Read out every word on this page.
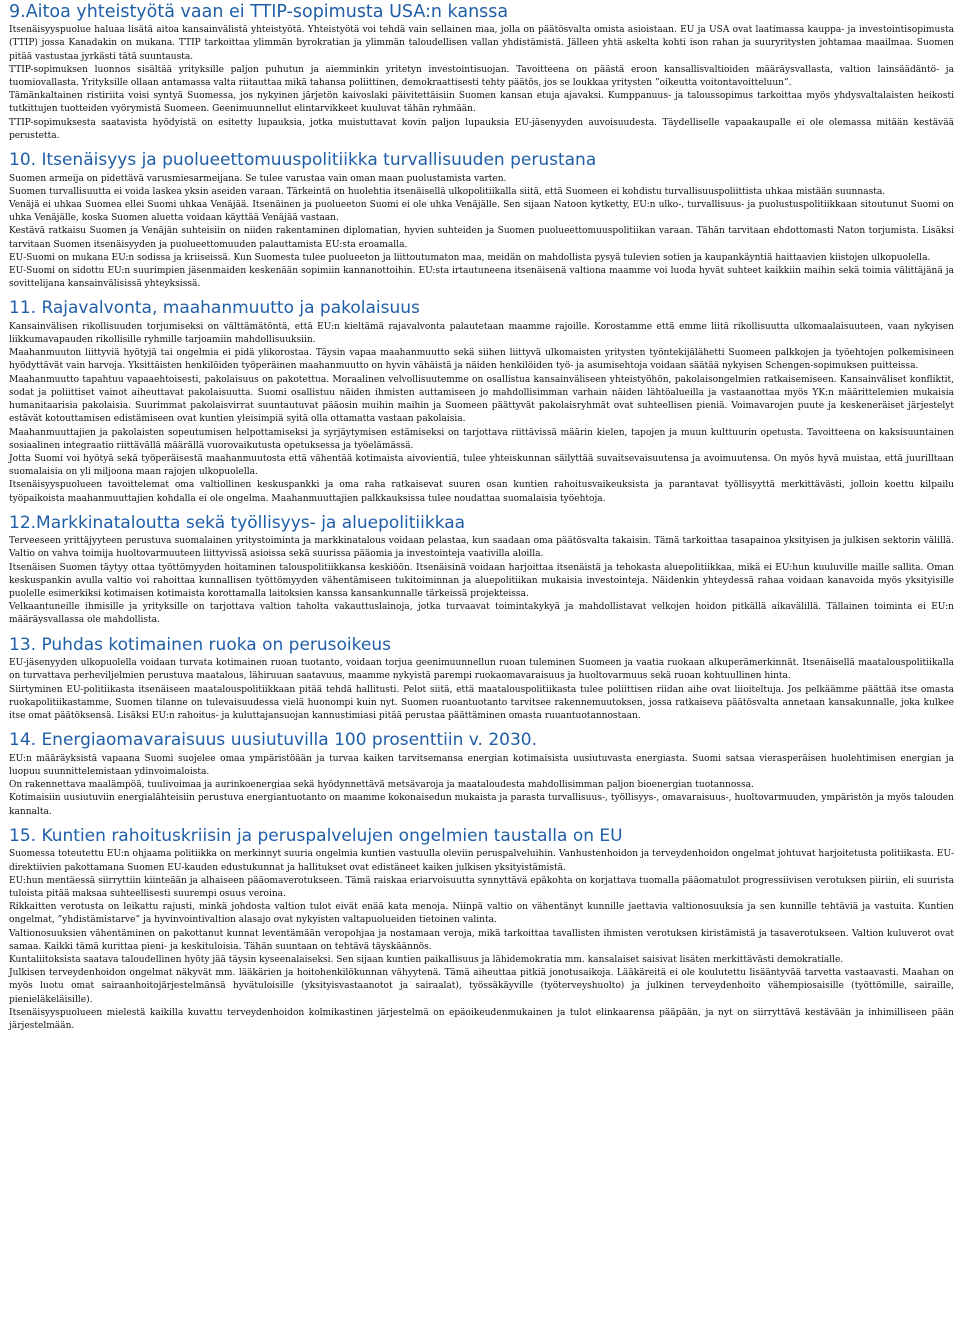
9.Aitoa yhteistyötä vaan ei TTIP-sopimusta USA:n kanssa
Itsenäisyyspuolue haluaa lisätä aitoa kansainvälistä yhteistyötä. Yhteistyötä voi tehdä vain sellainen maa, jolla on päätösvalta omista asioistaan. EU ja USA ovat laatimassa kauppa- ja investointisopimusta (TTIP) jossa Kanadakin on mukana. TTIP tarkoittaa ylimmän byrokratian ja ylimmän taloudellisen vallan yhdistämistä. Jälleen yhtä askelta kohti ison rahan ja suuryritysten johtamaa maailmaa. Suomen pitää vastustaa jyrkästi tätä suuntausta.
TTIP-sopimuksen luonnos sisältää yrityksille paljon puhutun ja aiemminkin yritetyn investointisuojan. Tavoitteena on päästä eroon kansallisvaltioiden määräysvallasta, valtion lainsäädäntö- ja tuomiovallasta. Yrityksille ollaan antamassa valta riitauttaa mikä tahansa poliittinen, demokraattisesti tehty päätös, jos se loukkaa yritysten ”oikeutta voitontavoitteluun”.
Tämänkaltainen ristiriita voisi syntyä Suomessa, jos nykyinen järjetön kaivoslaki päivitettäisiin Suomen kansan etuja ajavaksi. Kumppanuus- ja taloussopimus tarkoittaa myös yhdysvaltalaisten heikosti tutkittujen tuotteiden vyörymistä Suomeen. Geenimuunnellut elintarvikkeet kuuluvat tähän ryhmään.
TTIP-sopimuksesta saatavista hyödyistä on esitetty lupauksia, jotka muistuttavat kovin paljon lupauksia EU-jäsenyyden auvoisuudesta. Täydelliselle vapaakaupalle ei ole olemassa mitään kestävää perustetta.
10. Itsenäisyys ja puolueettomuuspolitiikka turvallisuuden perustana
Suomen armeija on pidettävä varusmiesarmeijana. Se tulee varustaa vain oman maan puolustamista varten.
Suomen turvallisuutta ei voida laskea yksin aseiden varaan. Tärkeintä on huolehtia itsenäisellä ulkopolitiikalla siitä, että Suomeen ei kohdistu turvallisuuspoliittista uhkaa mistään suunnasta.
Venäjä ei uhkaa Suomea ellei Suomi uhkaa Venäjää. Itsenäinen ja puolueeton Suomi ei ole uhka Venäjälle. Sen sijaan Natoon kytketty, EU:n ulko-, turvallisuus- ja puolustuspolitiikkaan sitoutunut Suomi on uhka Venäjälle, koska Suomen aluetta voidaan käyttää Venäjää vastaan.
Kestävä ratkaisu Suomen ja Venäjän suhteisiin on niiden rakentaminen diplomatian, hyvien suhteiden ja Suomen puolueettomuuspolitiikan varaan. Tähän tarvitaan ehdottomasti Naton torjumista. Lisäksi tarvitaan Suomen itsenäisyyden ja puolueettomuuden palauttamista EU:sta eroamalla.
EU-Suomi on mukana EU:n sodissa ja kriiseissä. Kun Suomesta tulee puolueeton ja liittoutumaton maa, meidän on mahdollista pysyä tulevien sotien ja kaupankäyntiä haittaavien kiistojen ulkopuolella.
EU-Suomi on sidottu EU:n suurimpien jäsenmaiden keskenään sopimiin kannanottoihin. EU:sta irtautuneena itsenäisenä valtiona maamme voi luoda hyvät suhteet kaikkiin maihin sekä toimia välittäjänä ja sovittelijana kansainvälisissä yhteyksissä.
11. Rajavalvonta, maahanmuutto ja pakolaisuus
Kansainvälisen rikollisuuden torjumiseksi on välttämätöntä, että EU:n kieltämä rajavalvonta palautetaan maamme rajoille. Korostamme että emme liitä rikollisuutta ulkomaalaisuuteen, vaan nykyisen liikkumavapauden rikollisille ryhmille tarjoamiin mahdollisuuksiin.
Maahanmuuton liittyviä hyötyjä tai ongelmia ei pidä ylikorostaa. Täysin vapaa maahanmuutto sekä siihen liittyvä ulkomaisten yritysten työntekijälähetti Suomeen palkkojen ja työehtojen polkemisineen hyödyttävät vain harvoja. Yksittäisten henkilöiden työperäinen maahanmuutto on hyvin vähäistä ja näiden henkilöiden työ- ja asumisehtoja voidaan säätää nykyisen Schengen-sopimuksen puitteissa.
Maahanmuutto tapahtuu vapaaehtoisesti, pakolaisuus on pakotettua. Moraalinen velvollisuutemme on osallistua kansainväliseen yhteistyöhön, pakolaisongelmien ratkaisemiseen. Kansainväliset konfliktit, sodat ja poliittiset vainot aiheuttavat pakolaisuutta. Suomi osallistuu näiden ihmisten auttamiseen jo mahdollisimman varhain näiden lähtöalueilla ja vastaanottaa myös YK:n määrittelemien mukaisia humanitaarisia pakolaisia. Suurimmat pakolaisvirrat suuntautuvat pääosin muihin maihin ja Suomeen päättyvät pakolaisryhmät ovat suhteellisen pieniä. Voimavarojen puute ja keskeneräiset järjestelyt estävät kotouttamisen edistämiseen ovat kuntien yleisimpiä syitä olla ottamatta vastaan pakolaisia.
Maahanmuuttajien ja pakolaisten sopeutumisen helpottamiseksi ja syrjäytymisen estämiseksi on tarjottava riittävissä määrin kielen, tapojen ja muun kulttuurin opetusta. Tavoitteena on kaksisuuntainen sosiaalinen integraatio riittävällä määrällä vuorovaikutusta opetuksessa ja työelämässä.
Jotta Suomi voi hyötyä sekä työperäisestä maahanmuutosta että vähentää kotimaista aivovientiä, tulee yhteiskunnan säilyttää suvaitsevaisuutensa ja avoimuutensa. On myös hyvä muistaa, että juurilltaan suomalaisia on yli miljoona maan rajojen ulkopuolella.
Itsenäisyyspuolueen tavoittelemat oma valtiollinen keskuspankki ja oma raha ratkaisevat suuren osan kuntien rahoitusvaikeuksista ja parantavat työllisyyttä merkittävästi, jolloin koettu kilpailu työpaikoista maahanmuuttajien kohdalla ei ole ongelma. Maahanmuuttajien palkkauksissa tulee noudattaa suomalaisia työehtoja.
12.Markkinatalouttа sekä työllisyys- ja aluepolitiikkaa
Terveeseen yrittäjyyteen perustuva suomalainen yritystoiminta ja markkinatalous voidaan pelastaa, kun saadaan oma päätösvalta takaisin. Tämä tarkoittaa tasapainoa yksityisen ja julkisen sektorin välillä. Valtio on vahva toimija huoltovarmuuteen liittyvissä asioissa sekä suurissa pääomia ja investointeja vaativilla aloilla.
Itsenäisen Suomen täytyy ottaa työttömyyden hoitaminen talouspolitiikkansa keskiöön. Itsenäisinä voidaan harjoittaa itsenäistä ja tehokasta aluepolitiikkaa, mikä ei EU:hun kuuluville maille sallita. Oman keskuspankin avulla valtio voi rahoittaa kunnallisen työttömyyden vähentämiseen tukitoiminnan ja aluepolitiikan mukaisia investointeja. Näidenkin yhteydessä rahaa voidaan kanavoida myös yksityisille puolelle esimerkiksi kotimaisen kotimaista korottamalla laitoksien kanssa kansankunnalle tärkeissä projekteissa.
Velkaantuneille ihmisille ja yrityksille on tarjottava valtion taholta vakauttuslainoja, jotka turvaavat toimintakykyä ja mahdollistavat velkojen hoidon pitkällä aikavälillä. Tällainen toiminta ei EU:n määräysvallassa ole mahdollista.
13. Puhdas kotimainen ruoka on perusoikeus
EU-jäsenyyden ulkopuolella voidaan turvata kotimainen ruoan tuotanto, voidaan torjua geenimuunnellun ruoan tuleminen Suomeen ja vaatia ruokaan alkuperämerkinnät. Itsenäisellä maatalouspolitiikalla on turvattava perheviljelmien perustuva maatalous, lähiruuan saatavuus, maamme nykyistä parempi ruokaomavaraisuus ja huoltovarmuus sekä ruoan kohtuullinen hinta.
Siirtyminen EU-politiikasta itsenäiseen maatalouspolitiikkaan pitää tehdä hallitusti. Pelot siitä, että maatalouspolitiikasta tulee poliittisen riidan aihe ovat liioiteltuja. Jos pelkäämme päättää itse omasta ruokapolitiikastamme, Suomen tilanne on tulevaisuudessa vielä huonompi kuin nyt. Suomen ruoantuotanto tarvitsee rakennemuutoksen, jossa ratkaiseva päätösvalta annetaan kansakunnalle, joka kulkee itse omat päätöksensä. Lisäksi EU:n rahoitus- ja kuluttajansuojan kannustimiasi pitää perustaa päättäminen omasta ruuantuotannostaan.
14. Energiaomavaraisuus uusiutuvilla 100 prosenttiin v. 2030.
EU:n määräyksistä vapaana Suomi suojelee omaa ympäristöään ja turvaa kaiken tarvitsemansa energian kotimaisista uusiutuvasta energiasta. Suomi satsaa vierasperäisen huolehtimisen energian ja luopuu suunnittelemistaan ydinvoimaloista.
On rakennettava maalämpöä, tuulivoimaa ja aurinkoenergiaa sekä hyödynnettävä metsävaroja ja maataloudesta mahdollisimman paljon bioenergian tuotannossa.
Kotimaisiin uusiutuviin energialähteisiin perustuva energiantuotanto on maamme kokonaisedun mukaista ja parasta turvallisuus-, työllisyys-, omavaraisuus-, huoltovarmuuden, ympäristön ja myös talouden kannalta.
15. Kuntien rahoituskriisin ja peruspalvelujen ongelmien taustalla on EU
Suomessa toteutettu EU:n ohjaama politiikka on merkinnyt suuria ongelmia kuntien vastuulla oleviin peruspalveluihin. Vanhustenhoidon ja terveydenhoidon ongelmat johtuvat harjoitetusta politiikasta. EU-direktiivien pakottamana Suomen EU-kauden edustukunnat ja hallitukset ovat edistäneet kaiken julkisen yksityistämistä.
EU:hun mentäessä siirryttiin kiinteään ja alhaiseen pääomaverotukseen. Tämä raiskaa eriarvoisuutta synnyttävä epäkohta on korjattava tuomalla pääomatulot progressiivisen verotuksen piiriin, eli suurista tuloista pitää maksaa suhteellisesti suurempi osuus veroina.
Rikkaitten verotusta on leikattu rajusti, minkä johdosta valtion tulot eivät enää kata menoja. Niinpä valtio on vähentänyt kunnille jaettavia valtionosuuksia ja sen kunnille tehtäviä ja vastuita. Kuntien ongelmat, ”yhdistämistarve” ja hyvinvointivaltion alasajo ovat nykyisten valtapuolueiden tietoinen valinta.
Valtionosuuksien vähentäminen on pakottanut kunnat leventämään veropohjaa ja nostamaan veroja, mikä tarkoittaa tavallisten ihmisten verotuksen kiristämistä ja tasaverotukseen. Valtion kuluverot ovat samaa. Kaikki tämä kurittaa pieni- ja keskituloisia. Tähän suuntaan on tehtävä täyskäännös.
Kuntaliitoksista saatava taloudellinen hyöty jää täysin kyseenalaiseksi. Sen sijaan kuntien paikallisuus ja lähidemokratia mm. kansalaiset saisivat lisäten merkittävästi demokratialle.
Julkisen terveydenhoidon ongelmat näkyvät mm. lääkärien ja hoitohenkilökunnan vähyytenä. Tämä aiheuttaa pitkiä jonotusaikoja. Lääkäreitä ei ole koulutettu lisääntyvää tarvetta vastaavasti. Maahan on myös luotu omat sairaanhoitojärjestelmänsä hyvätuloisille (yksityisvastaanotot ja sairaalat), työssäkäyville (työterveyshuolto) ja julkinen terveydenhoito vähempiosaisille (työttömille, sairaille, pienieläkeläisille).
Itsenäisyyspuolueen mielestä kaikilla kuvattu terveydenhoidon kolmikastinen järjestelmä on epäoikeudenmukainen ja tulot elinkaarensa pääpään, ja nyt on siirryttävä kestävään ja inhimilliseen pään järjestelmään.
